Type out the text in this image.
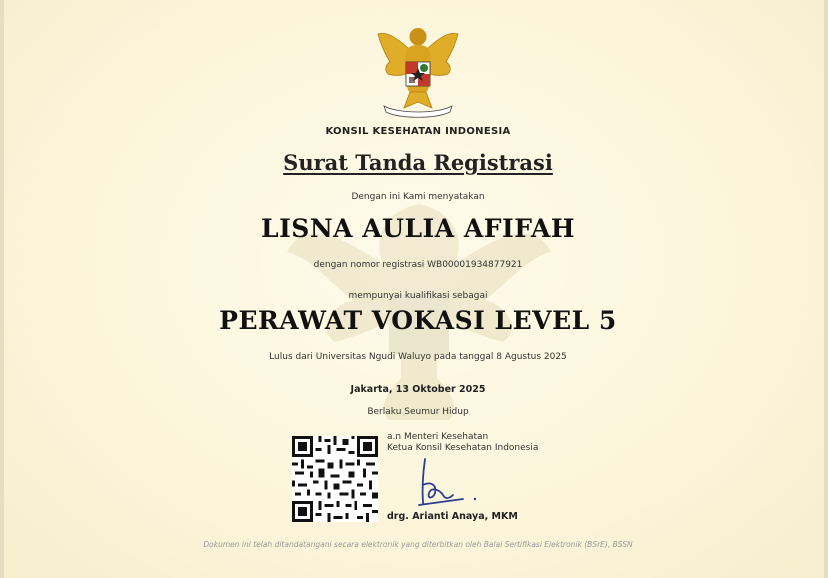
KONSIL KESEHATAN INDONESIA
Surat Tanda Registrasi
Dengan ini Kami menyatakan
LISNA AULIA AFIFAH
dengan nomor registrasi WB00001934877921
mempunyai kualifikasi sebagai
PERAWAT VOKASI LEVEL 5
Lulus dari Universitas Ngudi Waluyo pada tanggal 8 Agustus 2025
Jakarta, 13 Oktober 2025
Berlaku Seumur Hidup
a.n Menteri Kesehatan
Ketua Konsil Kesehatan Indonesia
drg. Arianti Anaya, MKM
Dokumen ini telah ditandatangani secara elektronik yang diterbitkan oleh Balai Sertifikasi Elektronik (BSrE), BSSN
